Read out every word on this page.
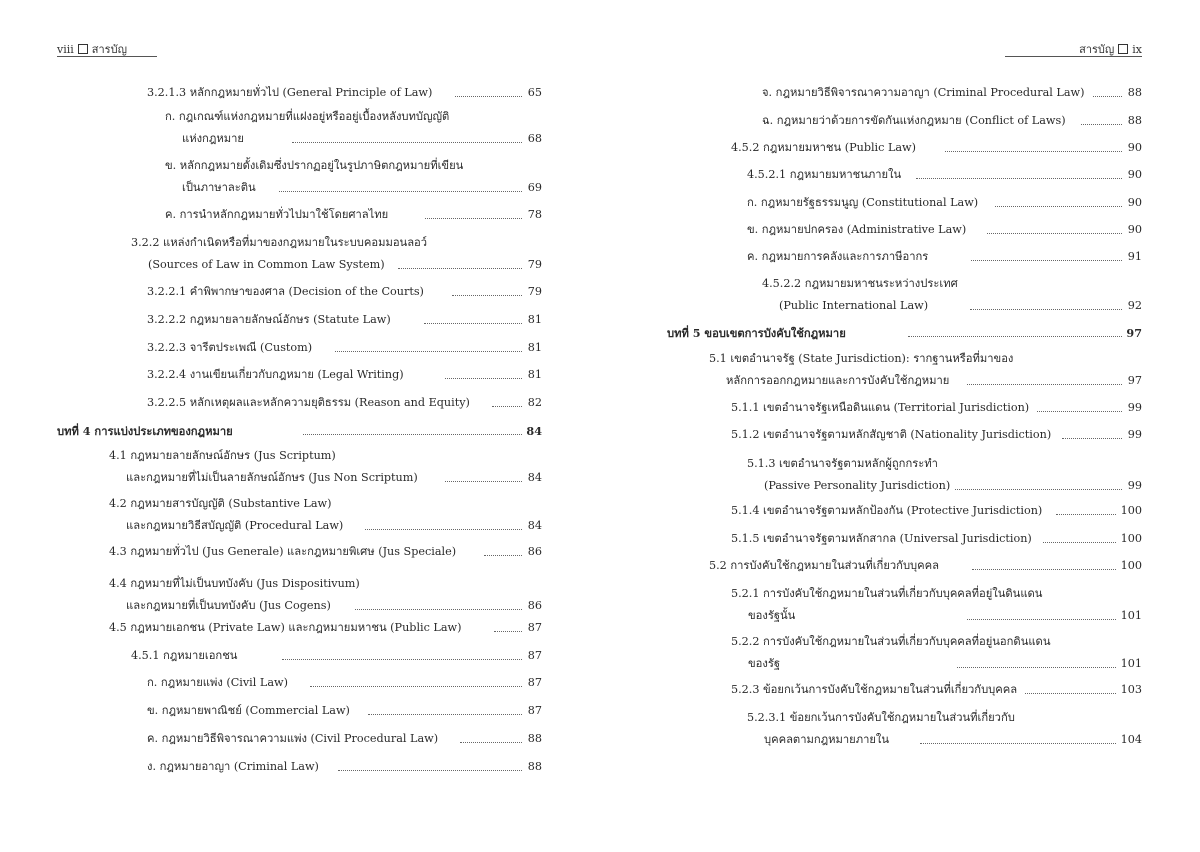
viii สารบัญ
3.2.1.3 หลักกฎหมายทั่วไป (General Principle of Law)	65
ก. กฎเกณฑ์แห่งกฎหมายที่แฝงอยู่หรืออยู่เบื้องหลังบทบัญญัติ
แห่งกฎหมาย	68
ข. หลักกฎหมายดั้งเดิมซึ่งปรากฏอยู่ในรูปภาษิตกฎหมายที่เขียน
เป็นภาษาละติน	69
ค. การนำหลักกฎหมายทั่วไปมาใช้โดยศาลไทย	78
3.2.2 แหล่งกำเนิดหรือที่มาของกฎหมายในระบบคอมมอนลอว์
(Sources of Law in Common Law System)	79
3.2.2.1 คำพิพากษาของศาล (Decision of the Courts)	79
3.2.2.2 กฎหมายลายลักษณ์อักษร (Statute Law)	81
3.2.2.3 จารีตประเพณี (Custom)	81
3.2.2.4 งานเขียนเกี่ยวกับกฎหมาย (Legal Writing)	81
3.2.2.5 หลักเหตุผลและหลักความยุติธรรม (Reason and Equity)	82
บทที่ 4 การแบ่งประเภทของกฎหมาย	84
4.1 กฎหมายลายลักษณ์อักษร (Jus Scriptum)
และกฎหมายที่ไม่เป็นลายลักษณ์อักษร (Jus Non Scriptum)	84
4.2 กฎหมายสารบัญญัติ (Substantive Law)
และกฎหมายวิธีสบัญญัติ (Procedural Law)	84
4.3 กฎหมายทั่วไป (Jus Generale) และกฎหมายพิเศษ (Jus Speciale)	86
4.4 กฎหมายที่ไม่เป็นบทบังคับ (Jus Dispositivum)
และกฎหมายที่เป็นบทบังคับ (Jus Cogens)	86
4.5 กฎหมายเอกชน (Private Law) และกฎหมายมหาชน (Public Law)	87
4.5.1 กฎหมายเอกชน	87
ก. กฎหมายแพ่ง (Civil Law)	87
ข. กฎหมายพาณิชย์ (Commercial Law)	87
ค. กฎหมายวิธีพิจารณาความแพ่ง (Civil Procedural Law)	88
ง. กฎหมายอาญา (Criminal Law)	88
สารบัญ ix
จ. กฎหมายวิธีพิจารณาความอาญา (Criminal Procedural Law)	88
ฉ. กฎหมายว่าด้วยการขัดกันแห่งกฎหมาย (Conflict of Laws)	88
4.5.2 กฎหมายมหาชน (Public Law)	90
4.5.2.1 กฎหมายมหาชนภายใน	90
ก. กฎหมายรัฐธรรมนูญ (Constitutional Law)	90
ข. กฎหมายปกครอง (Administrative Law)	90
ค. กฎหมายการคลังและการภาษีอากร	91
4.5.2.2 กฎหมายมหาชนระหว่างประเทศ
(Public International Law)	92
บทที่ 5 ขอบเขตการบังคับใช้กฎหมาย	97
5.1 เขตอำนาจรัฐ (State Jurisdiction): รากฐานหรือที่มาของ
หลักการออกกฎหมายและการบังคับใช้กฎหมาย	97
5.1.1 เขตอำนาจรัฐเหนือดินแดน (Territorial Jurisdiction)	99
5.1.2 เขตอำนาจรัฐตามหลักสัญชาติ (Nationality Jurisdiction)	99
5.1.3 เขตอำนาจรัฐตามหลักผู้ถูกกระทำ
(Passive Personality Jurisdiction)	99
5.1.4 เขตอำนาจรัฐตามหลักป้องกัน (Protective Jurisdiction)	100
5.1.5 เขตอำนาจรัฐตามหลักสากล (Universal Jurisdiction)	100
5.2 การบังคับใช้กฎหมายในส่วนที่เกี่ยวกับบุคคล	100
5.2.1 การบังคับใช้กฎหมายในส่วนที่เกี่ยวกับบุคคลที่อยู่ในดินแดน
ของรัฐนั้น	101
5.2.2 การบังคับใช้กฎหมายในส่วนที่เกี่ยวกับบุคคลที่อยู่นอกดินแดน
ของรัฐ	101
5.2.3 ข้อยกเว้นการบังคับใช้กฎหมายในส่วนที่เกี่ยวกับบุคคล	103
5.2.3.1 ข้อยกเว้นการบังคับใช้กฎหมายในส่วนที่เกี่ยวกับ
บุคคลตามกฎหมายภายใน	104
